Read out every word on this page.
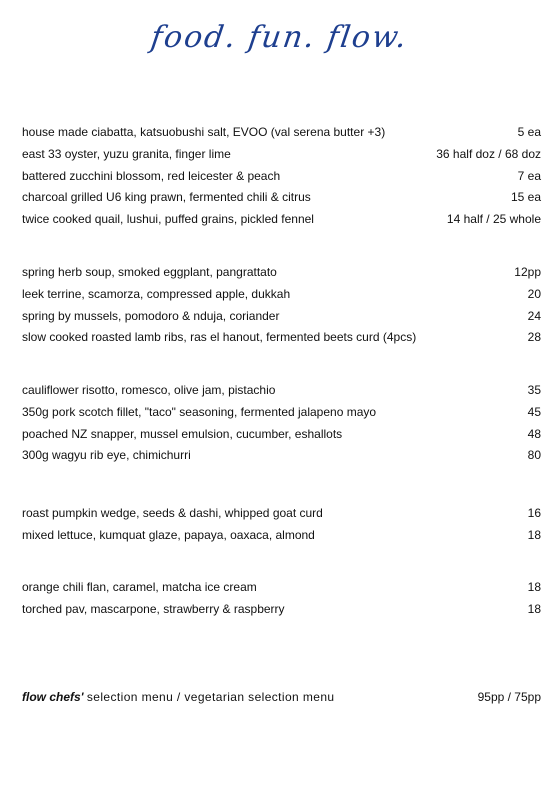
food. fun. flow.
house made ciabatta, katsuobushi salt, EVOO (val serena butter +3)	5 ea
east 33 oyster, yuzu granita, finger lime	36 half doz / 68 doz
battered zucchini blossom, red leicester & peach	7 ea
charcoal grilled U6 king prawn, fermented chili & citrus	15 ea
twice cooked quail, lushui, puffed grains, pickled fennel	14 half / 25 whole
spring herb soup, smoked eggplant, pangrattato	12pp
leek terrine, scamorza, compressed apple, dukkah	20
spring by mussels, pomodoro & nduja, coriander	24
slow cooked roasted lamb ribs, ras el hanout, fermented beets curd (4pcs)	28
cauliflower risotto, romesco, olive jam, pistachio	35
350g pork scotch fillet, "taco" seasoning, fermented jalapeno mayo	45
poached NZ snapper, mussel emulsion, cucumber, eshallots	48
300g wagyu rib eye, chimichurri	80
roast pumpkin wedge, seeds & dashi, whipped goat curd	16
mixed lettuce, kumquat glaze, papaya, oaxaca, almond	18
orange chili flan, caramel, matcha ice cream	18
torched pav, mascarpone, strawberry & raspberry	18
flow chefs' selection menu / vegetarian selection menu	95pp / 75pp
